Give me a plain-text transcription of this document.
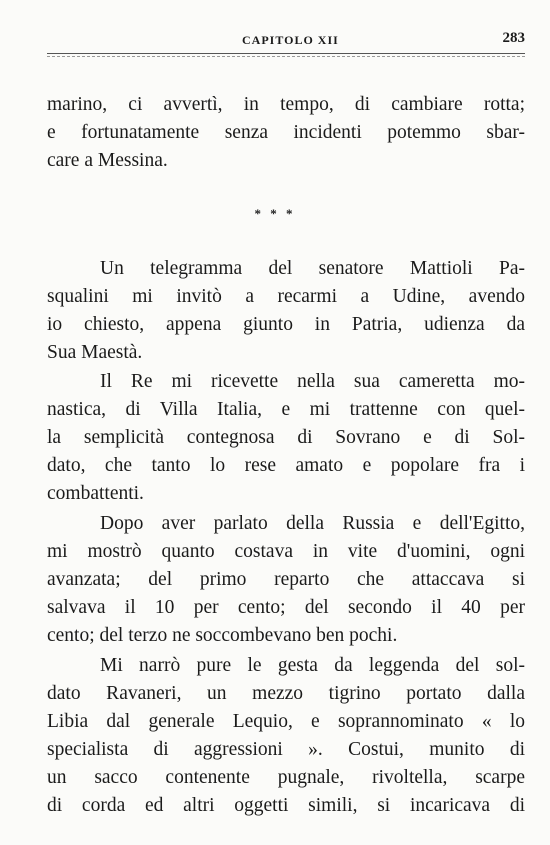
CAPITOLO XII	283
marino, ci avvertì, in tempo, di cambiare rotta;
e fortunatamente senza incidenti potemmo sbar-
care a Messina.
* * *
Un telegramma del senatore Mattioli Pa-
squalini mi invitò a recarmi a Udine, avendo
io chiesto, appena giunto in Patria, udienza da
Sua Maestà.
Il Re mi ricevette nella sua cameretta mo-
nastica, di Villa Italia, e mi trattenne con quel-
la semplicità contegnosa di Sovrano e di Sol-
dato, che tanto lo rese amato e popolare fra i
combattenti.
Dopo aver parlato della Russia e dell'Egitto,
mi mostrò quanto costava in vite d'uomini, ogni
avanzata; del primo reparto che attaccava si
salvava il 10 per cento; del secondo il 40 per
cento; del terzo ne soccombevano ben pochi.
Mi narrò pure le gesta da leggenda del sol-
dato Ravaneri, un mezzo tigrino portato dalla
Libia dal generale Lequio, e soprannominato « lo
specialista di aggressioni ». Costui, munito di
un sacco contenente pugnale, rivoltella, scarpe
di corda ed altri oggetti simili, si incaricava di
